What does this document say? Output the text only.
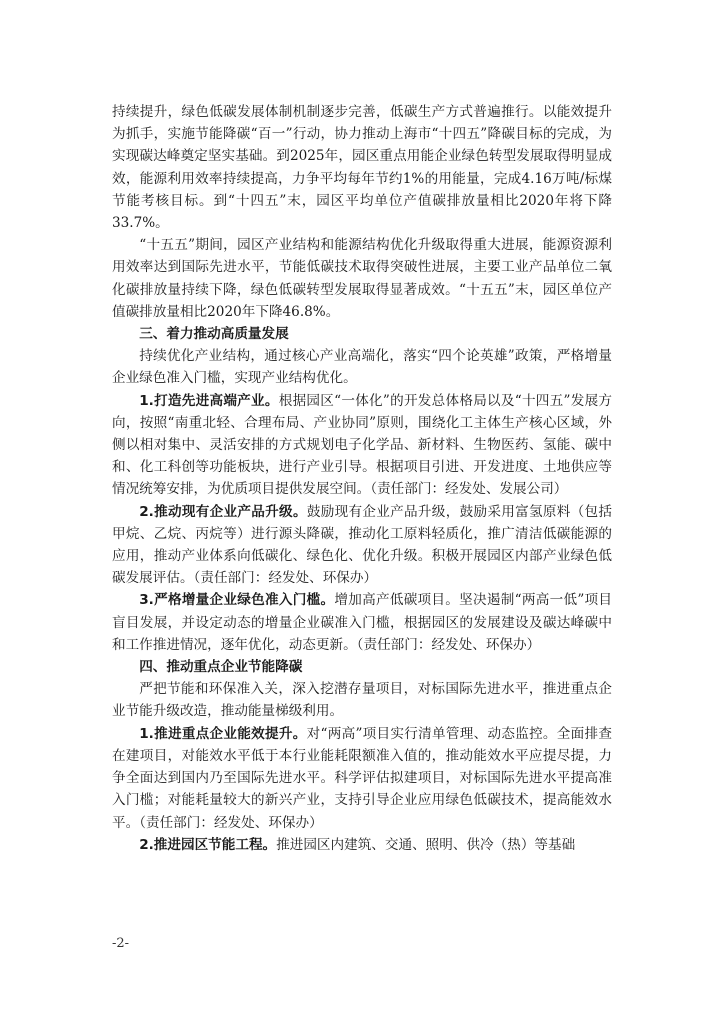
持续提升，绿色低碳发展体制机制逐步完善，低碳生产方式普遍推行。以能效提升为抓手，实施节能降碳“百一”行动，协力推动上海市“十四五”降碳目标的完成，为实现碳达峰奠定坚实基础。到2025年，园区重点用能企业绿色转型发展取得明显成效，能源利用效率持续提高，力争平均每年节约1%的用能量，完成4.16万吨/标煤节能考核目标。到“十四五”末，园区平均单位产值碳排放量相比2020年将下降33.7%。

“十五五”期间，园区产业结构和能源结构优化升级取得重大进展，能源资源利用效率达到国际先进水平，节能低碳技术取得突破性进展，主要工业产品单位二氧化碳排放量持续下降，绿色低碳转型发展取得显著成效。“十五五”末，园区单位产值碳排放量相比2020年下降46.8%。

三、着力推动高质量发展

持续优化产业结构，通过核心产业高端化，落实“四个论英雄”政策，严格增量企业绿色准入门槛，实现产业结构优化。

1.打造先进高端产业。根据园区“一体化”的开发总体格局以及“十四五”发展方向，按照“南重北轻、合理布局、产业协同”原则，围绕化工主体生产核心区域，外侧以相对集中、灵活安排的方式规划电子化学品、新材料、生物医药、氢能、碳中和、化工科创等功能板块，进行产业引导。根据项目引进、开发进度、土地供应等情况统筹安排，为优质项目提供发展空间。（责任部门：经发处、发展公司）

2.推动现有企业产品升级。鼓励现有企业产品升级，鼓励采用富氢原料（包括甲烷、乙烷、丙烷等）进行源头降碳，推动化工原料轻质化，推广清洁低碳能源的应用，推动产业体系向低碳化、绿色化、优化升级。积极开展园区内部产业绿色低碳发展评估。（责任部门：经发处、环保办）

3.严格增量企业绿色准入门槛。增加高产低碳项目。坚决遏制“两高一低”项目盲目发展，并设定动态的增量企业碳准入门槛，根据园区的发展建设及碳达峰碳中和工作推进情况，逐年优化，动态更新。（责任部门：经发处、环保办）

四、推动重点企业节能降碳

严把节能和环保准入关，深入挖潜存量项目，对标国际先进水平，推进重点企业节能升级改造，推动能量梯级利用。

1.推进重点企业能效提升。对“两高”项目实行清单管理、动态监控。全面排查在建项目，对能效水平低于本行业能耗限额准入值的，推动能效水平应提尽提，力争全面达到国内乃至国际先进水平。科学评估拟建项目，对标国际先进水平提高准入门槛；对能耗量较大的新兴产业，支持引导企业应用绿色低碳技术，提高能效水平。（责任部门：经发处、环保办）

2.推进园区节能工程。推进园区内建筑、交通、照明、供冷（热）等基础

-2-
